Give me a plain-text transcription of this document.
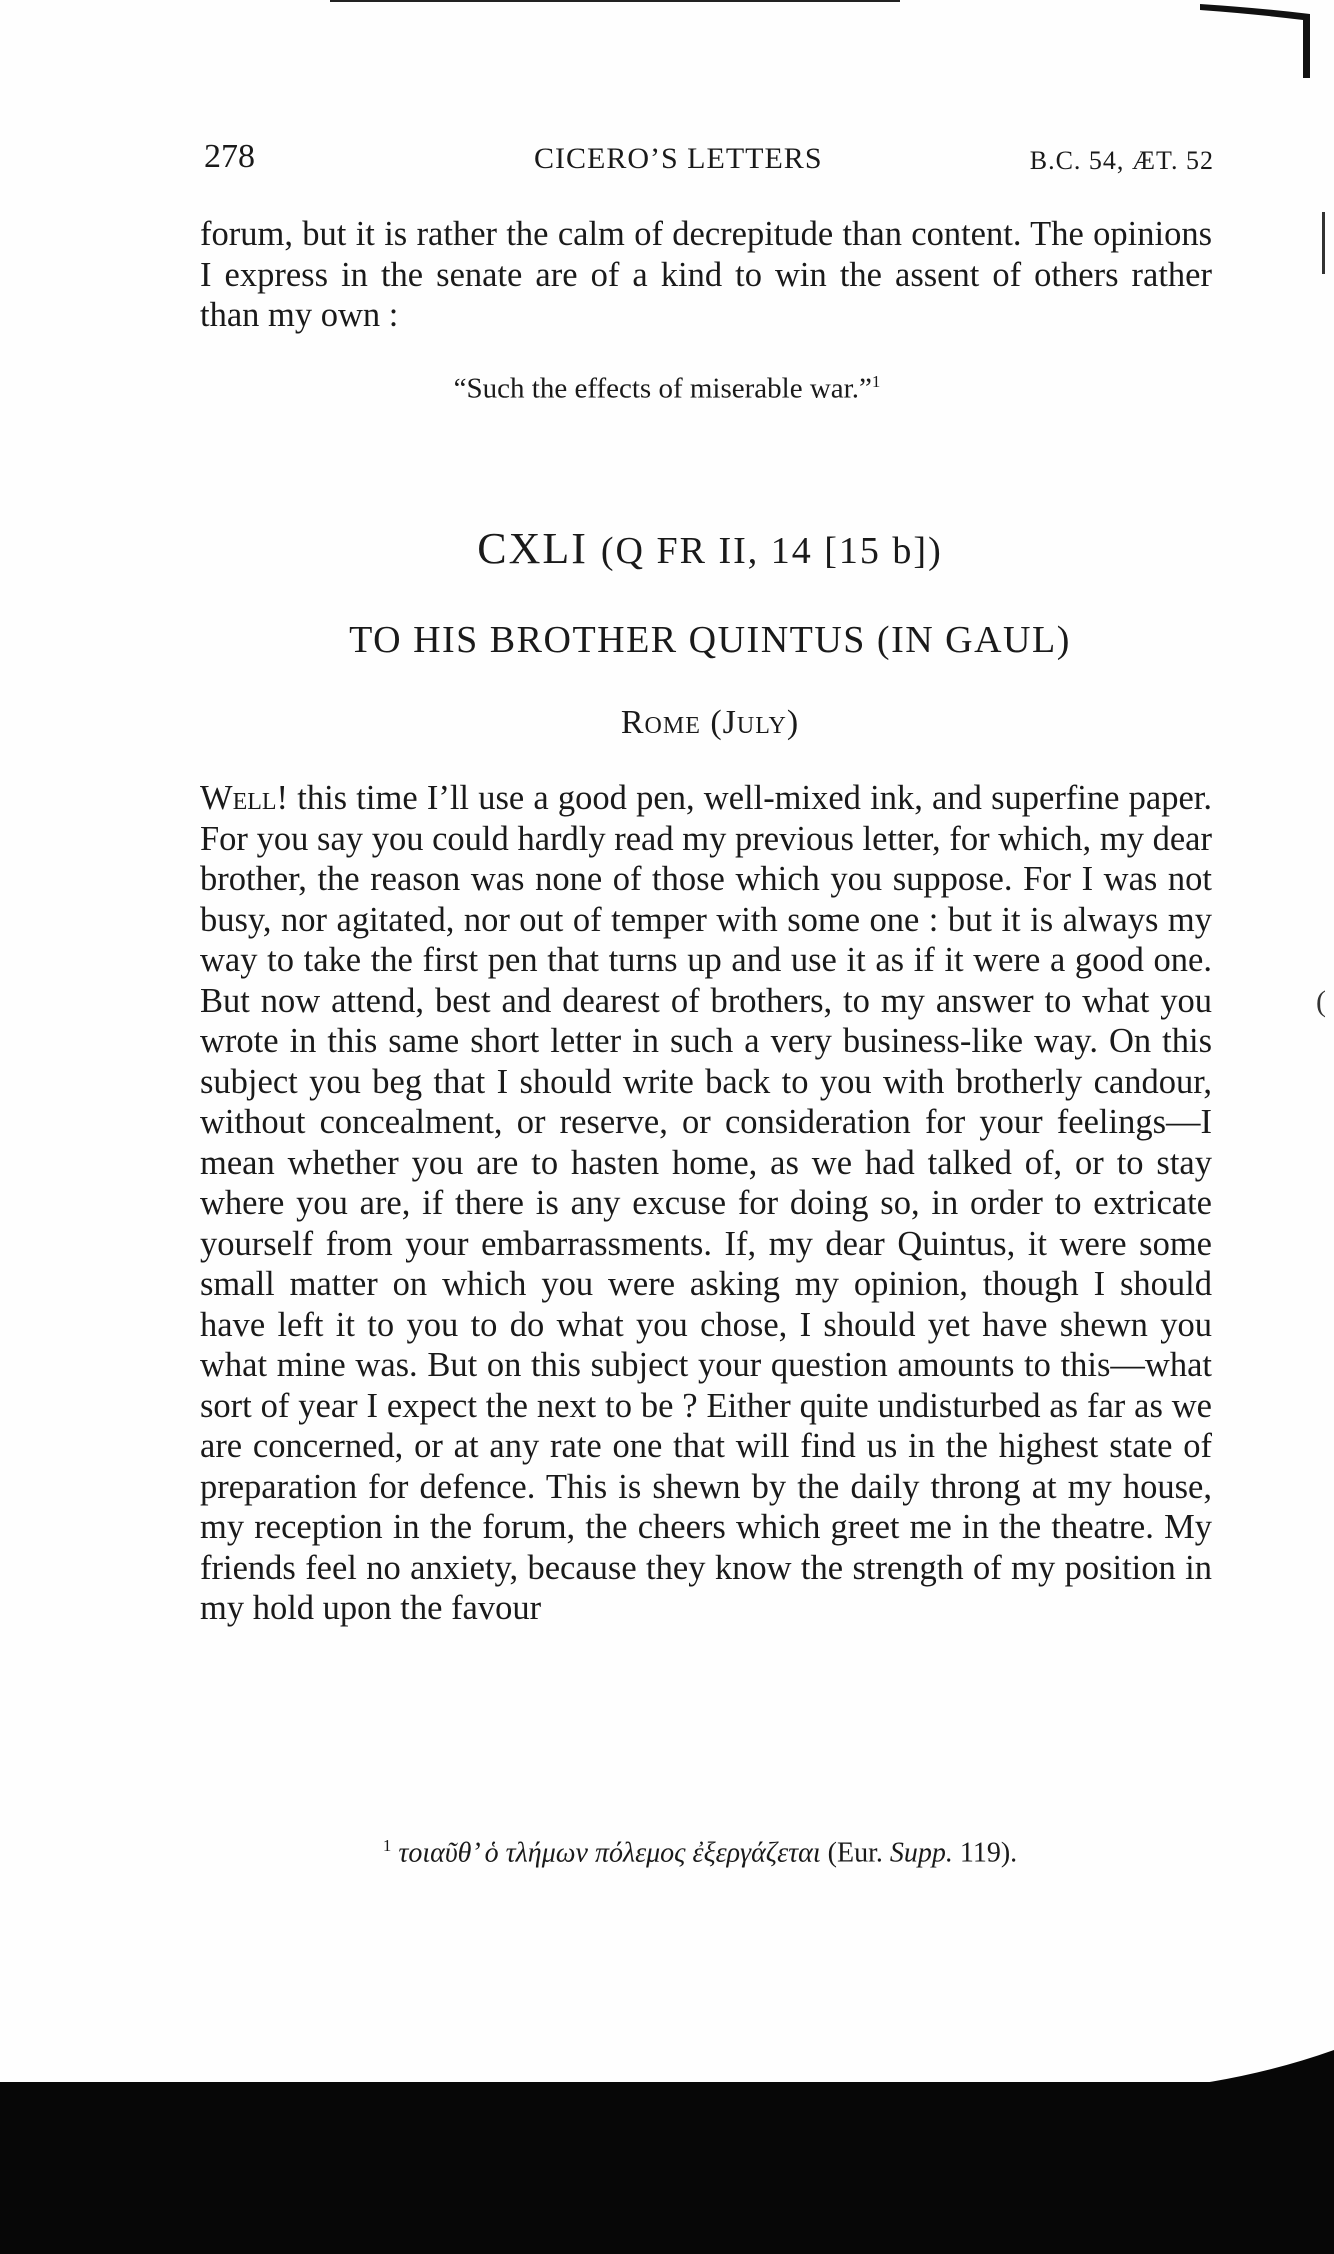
(
278	CICERO’S LETTERS	B.C. 54, ÆT. 52

forum, but it is rather the calm of decrepitude than content. The opinions I express in the senate are of a kind to win the assent of others rather than my own :

“Such the effects of miserable war.”$^1$
CXLI (Q FR II, 14 [15 b])
TO HIS BROTHER QUINTUS (IN GAUL)
Rome (July)

Well! this time I’ll use a good pen, well-mixed ink, and superfine paper. For you say you could hardly read my previous letter, for which, my dear brother, the reason was none of those which you suppose. For I was not busy, nor agitated, nor out of temper with some one : but it is always my way to take the first pen that turns up and use it as if it were a good one. But now attend, best and dearest of brothers, to my answer to what you wrote in this same short letter in such a very business-like way. On this subject you beg that I should write back to you with brotherly candour, without concealment, or reserve, or consideration for your feelings—I mean whether you are to hasten home, as we had talked of, or to stay where you are, if there is any excuse for doing so, in order to extricate yourself from your embarrassments. If, my dear Quintus, it were some small matter on which you were asking my opinion, though I should have left it to you to do what you chose, I should yet have shewn you what mine was. But on this subject your question amounts to this—what sort of year I expect the next to be ? Either quite undisturbed as far as we are concerned, or at any rate one that will find us in the highest state of preparation for defence. This is shewn by the daily throng at my house, my reception in the forum, the cheers which greet me in the theatre. My friends feel no anxiety, because they know the strength of my position in my hold upon the favour

$^1$ τοιαῦθ’ ὁ τλήμων πόλεμος ἐξεργάζεται (Eur. Supp. 119).
